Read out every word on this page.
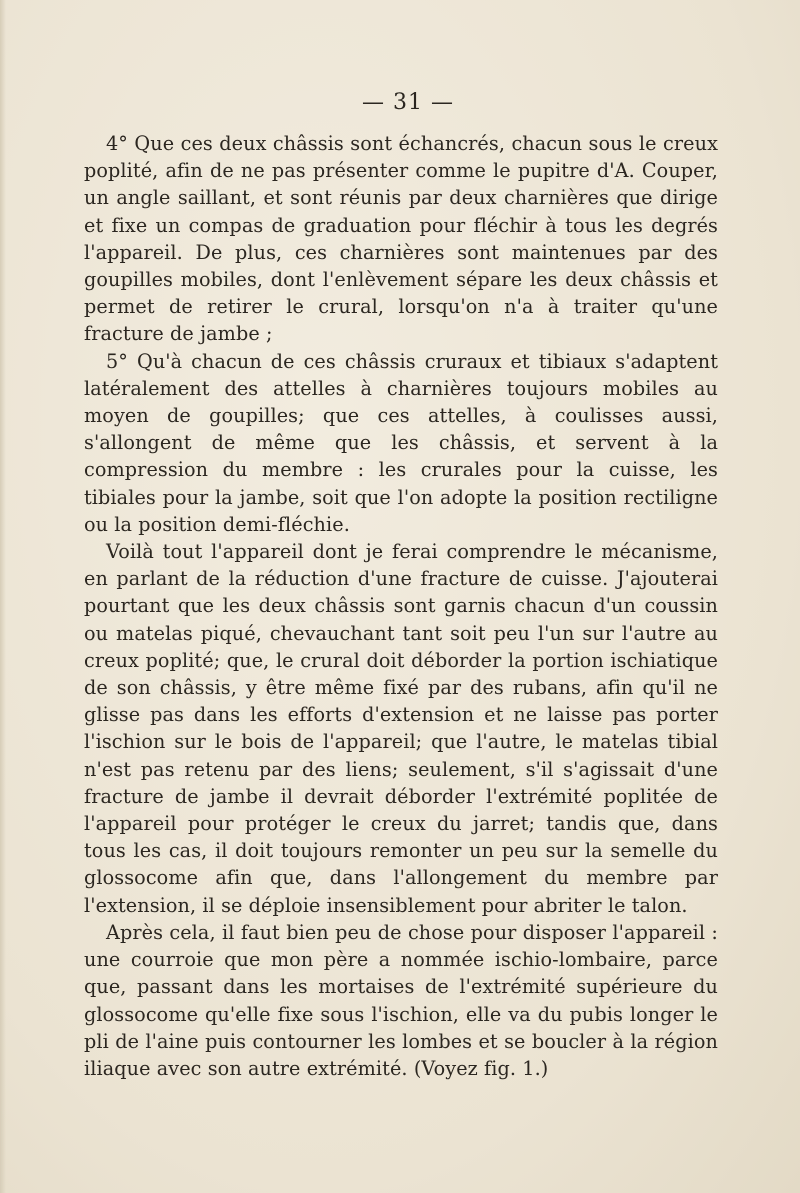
— 31 —

4° Que ces deux châssis sont échancrés, chacun sous le creux poplité, afin de ne pas présenter comme le pupitre d'A. Couper, un angle saillant, et sont réunis par deux charnières que dirige et fixe un compas de graduation pour fléchir à tous les degrés l'appareil. De plus, ces charnières sont maintenues par des goupilles mobiles, dont l'enlèvement sépare les deux châssis et permet de retirer le crural, lorsqu'on n'a à traiter qu'une fracture de jambe ;

5° Qu'à chacun de ces châssis cruraux et tibiaux s'adaptent latéralement des attelles à charnières toujours mobiles au moyen de goupilles; que ces attelles, à coulisses aussi, s'allongent de même que les châssis, et servent à la compression du membre : les crurales pour la cuisse, les tibiales pour la jambe, soit que l'on adopte la position rectiligne ou la position demi-fléchie.

Voilà tout l'appareil dont je ferai comprendre le mécanisme, en parlant de la réduction d'une fracture de cuisse. J'ajouterai pourtant que les deux châssis sont garnis chacun d'un coussin ou matelas piqué, chevauchant tant soit peu l'un sur l'autre au creux poplité; que, le crural doit déborder la portion ischiatique de son châssis, y être même fixé par des rubans, afin qu'il ne glisse pas dans les efforts d'extension et ne laisse pas porter l'ischion sur le bois de l'appareil; que l'autre, le matelas tibial n'est pas retenu par des liens; seulement, s'il s'agissait d'une fracture de jambe il devrait déborder l'extrémité poplitée de l'appareil pour protéger le creux du jarret; tandis que, dans tous les cas, il doit toujours remonter un peu sur la semelle du glossocome afin que, dans l'allongement du membre par l'extension, il se déploie insensiblement pour abriter le talon.

Après cela, il faut bien peu de chose pour disposer l'appareil : une courroie que mon père a nommée ischio-lombaire, parce que, passant dans les mortaises de l'extrémité supérieure du glossocome qu'elle fixe sous l'ischion, elle va du pubis longer le pli de l'aine puis contourner les lombes et se boucler à la région iliaque avec son autre extrémité. (Voyez fig. 1.)
